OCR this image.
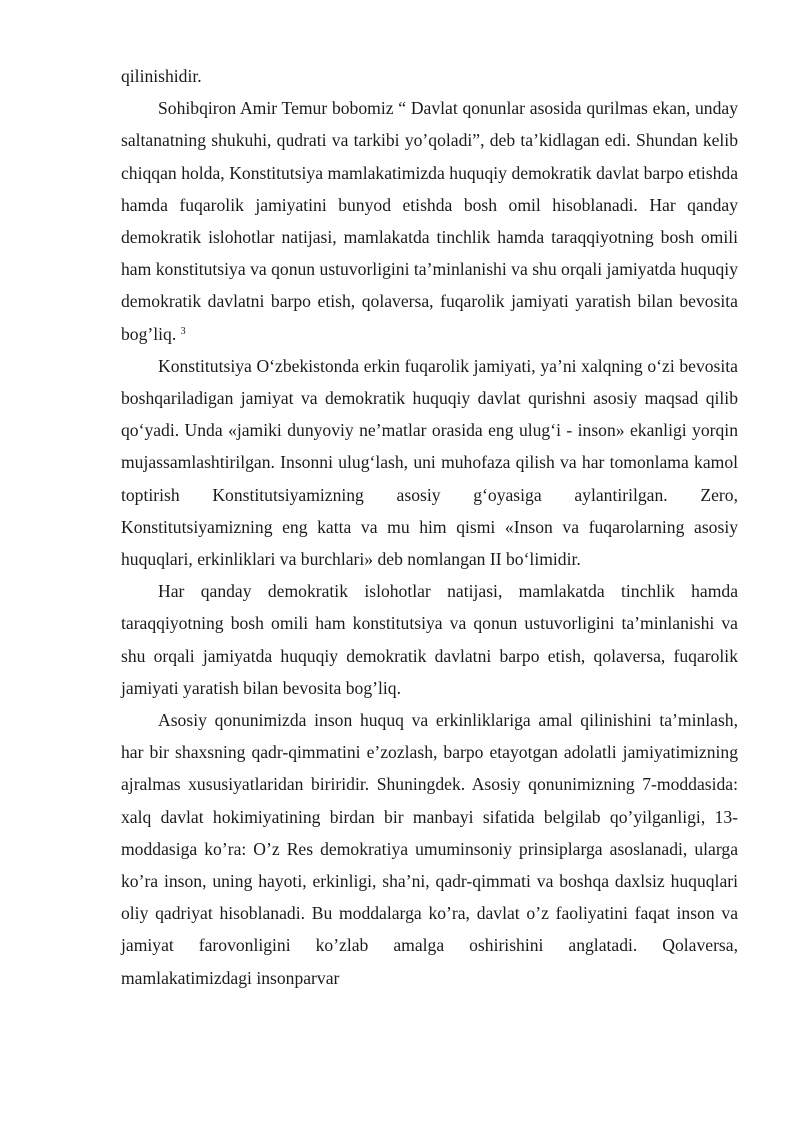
qilinishidir.

Sohibqiron Amir Temur bobomiz “ Davlat qonunlar asosida qurilmas ekan, unday saltanatning shukuhi, qudrati va tarkibi yo’qoladi”, deb ta’kidlagan edi. Shundan kelib chiqqan holda, Konstitutsiya mamlakatimizda huquqiy demokratik davlat barpo etishda hamda fuqarolik jamiyatini bunyod etishda bosh omil hisoblanadi. Har qanday demokratik islohotlar natijasi, mamlakatda tinchlik hamda taraqqiyotning bosh omili ham konstitutsiya va qonun ustuvorligini ta’minlanishi va shu orqali jamiyatda huquqiy demokratik davlatni barpo etish, qolaversa, fuqarolik jamiyati yaratish bilan bevosita bog’liq. $^3$

Konstitutsiya O‘zbekistonda erkin fuqarolik jamiyati, ya’ni xalqning o‘zi bevosita boshqariladigan jamiyat va demokratik huquqiy davlat qurishni asosiy maqsad qilib qo‘yadi. Unda «jamiki dunyoviy ne’matlar orasida eng ulug‘i - inson» ekanligi yorqin mujassamlashtirilgan. Insonni ulug‘lash, uni muhofaza qilish va har tomonlama kamol toptirish Konstitutsiyamizning asosiy g‘oyasiga aylantirilgan. Zero, Konstitutsiyamizning eng katta va mu him qismi «Inson va fuqarolarning asosiy huquqlari, erkinliklari va burchlari» deb nomlangan II bo‘limidir.

Har qanday demokratik islohotlar natijasi, mamlakatda tinchlik hamda taraqqiyotning bosh omili ham konstitutsiya va qonun ustuvorligini ta’minlanishi va shu orqali jamiyatda huquqiy demokratik davlatni barpo etish, qolaversa, fuqarolik jamiyati yaratish bilan bevosita bog’liq.

Asosiy qonunimizda inson huquq va erkinliklariga amal qilinishini ta’minlash, har bir shaxsning qadr-qimmatini e’zozlash, barpo etayotgan adolatli jamiyatimizning ajralmas xususiyatlaridan biriridir. Shuningdek. Asosiy qonunimizning 7-moddasida: xalq davlat hokimiyatining birdan bir manbayi sifatida belgilab qo’yilganligi, 13- moddasiga ko’ra: O’z Res demokratiya umuminsoniy prinsiplarga asoslanadi, ularga ko’ra inson, uning hayoti, erkinligi, sha’ni, qadr-qimmati va boshqa daxlsiz huquqlari oliy qadriyat hisoblanadi. Bu moddalarga ko’ra, davlat o’z faoliyatini faqat inson va jamiyat farovonligini ko’zlab amalga oshirishini anglatadi. Qolaversa, mamlakatimizdagi insonparvar
